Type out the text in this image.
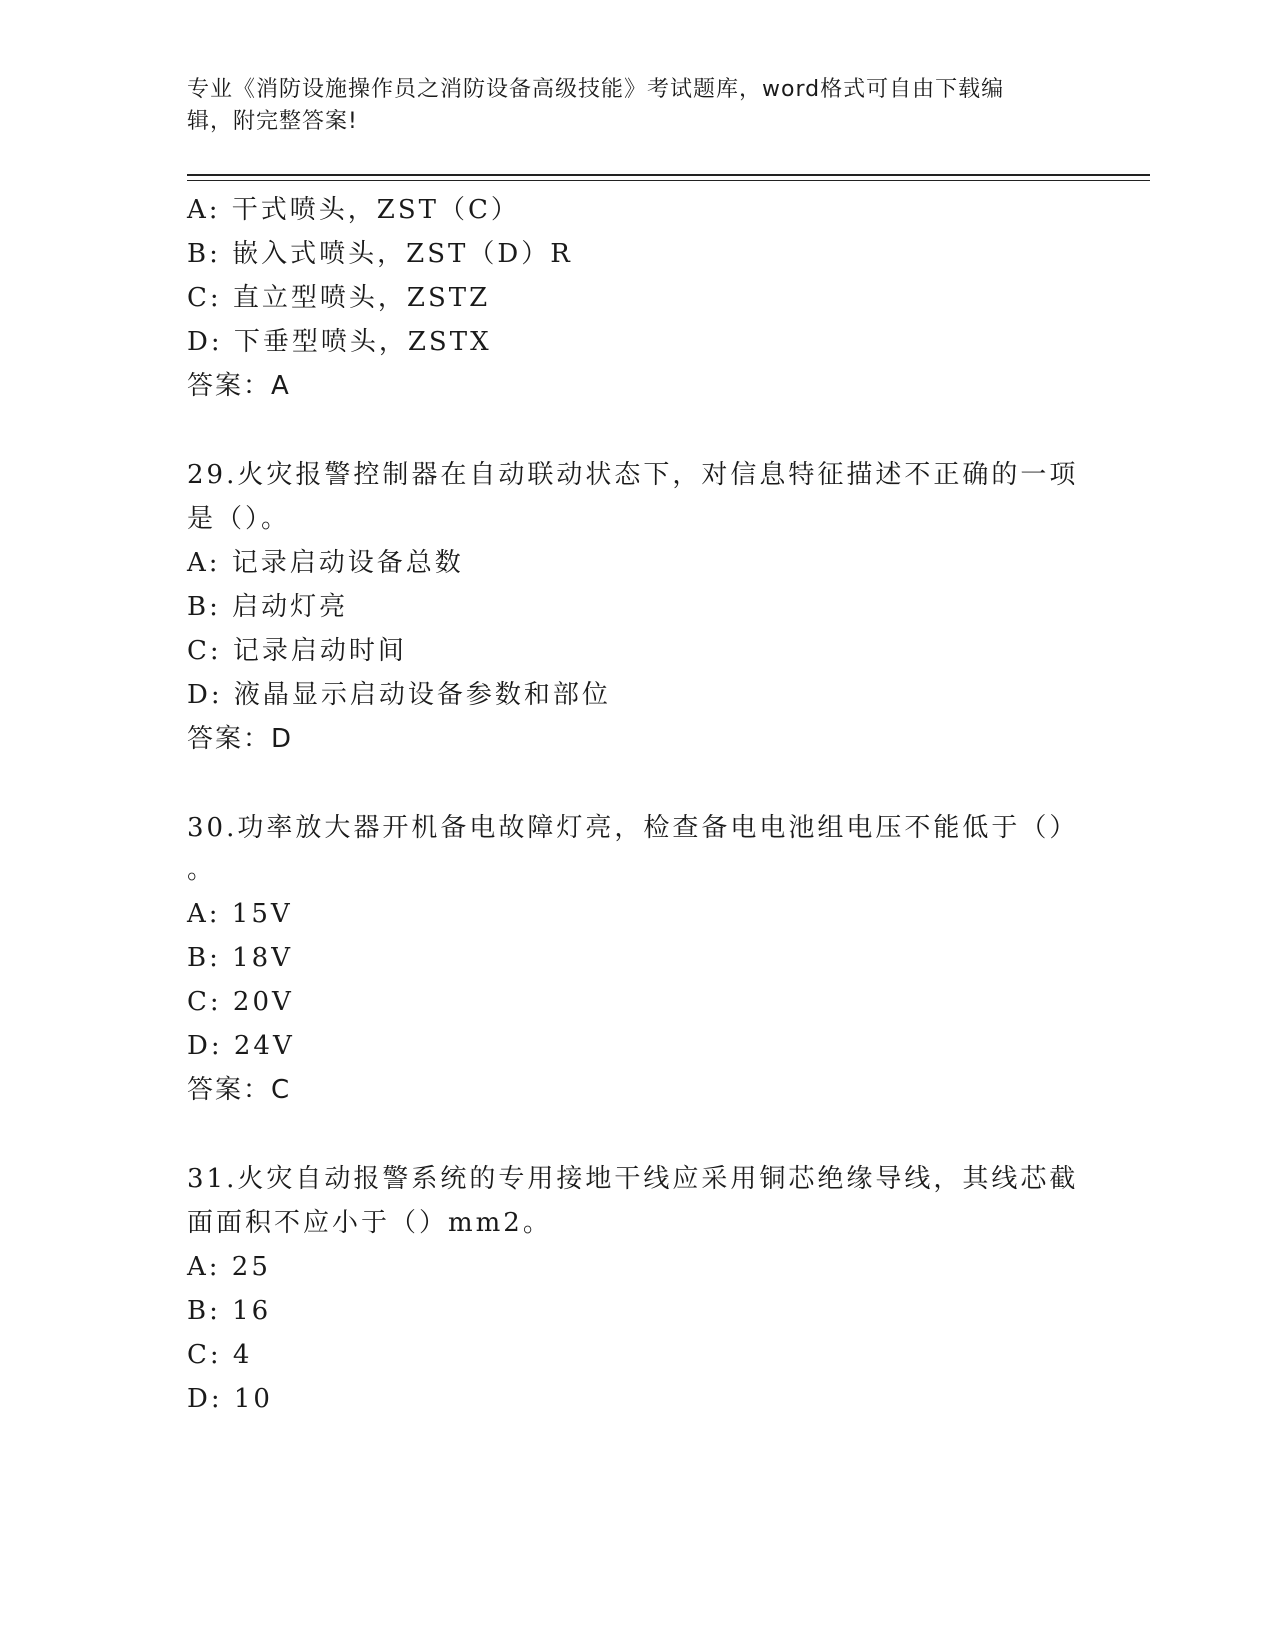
专业《消防设施操作员之消防设备高级技能》考试题库，word格式可自由下载编
辑，附完整答案!
A: 干式喷头，ZST（C）
B: 嵌入式喷头，ZST（D）R
C: 直立型喷头，ZSTZ
D: 下垂型喷头，ZSTX
答案：A
29.火灾报警控制器在自动联动状态下，对信息特征描述不正确的一项
是（）。
A: 记录启动设备总数
B: 启动灯亮
C: 记录启动时间
D: 液晶显示启动设备参数和部位
答案：D
30.功率放大器开机备电故障灯亮，检查备电电池组电压不能低于（）
。
A: 15V
B: 18V
C: 20V
D: 24V
答案：C
31.火灾自动报警系统的专用接地干线应采用铜芯绝缘导线，其线芯截
面面积不应小于（）mm2。
A: 25
B: 16
C: 4
D: 10
